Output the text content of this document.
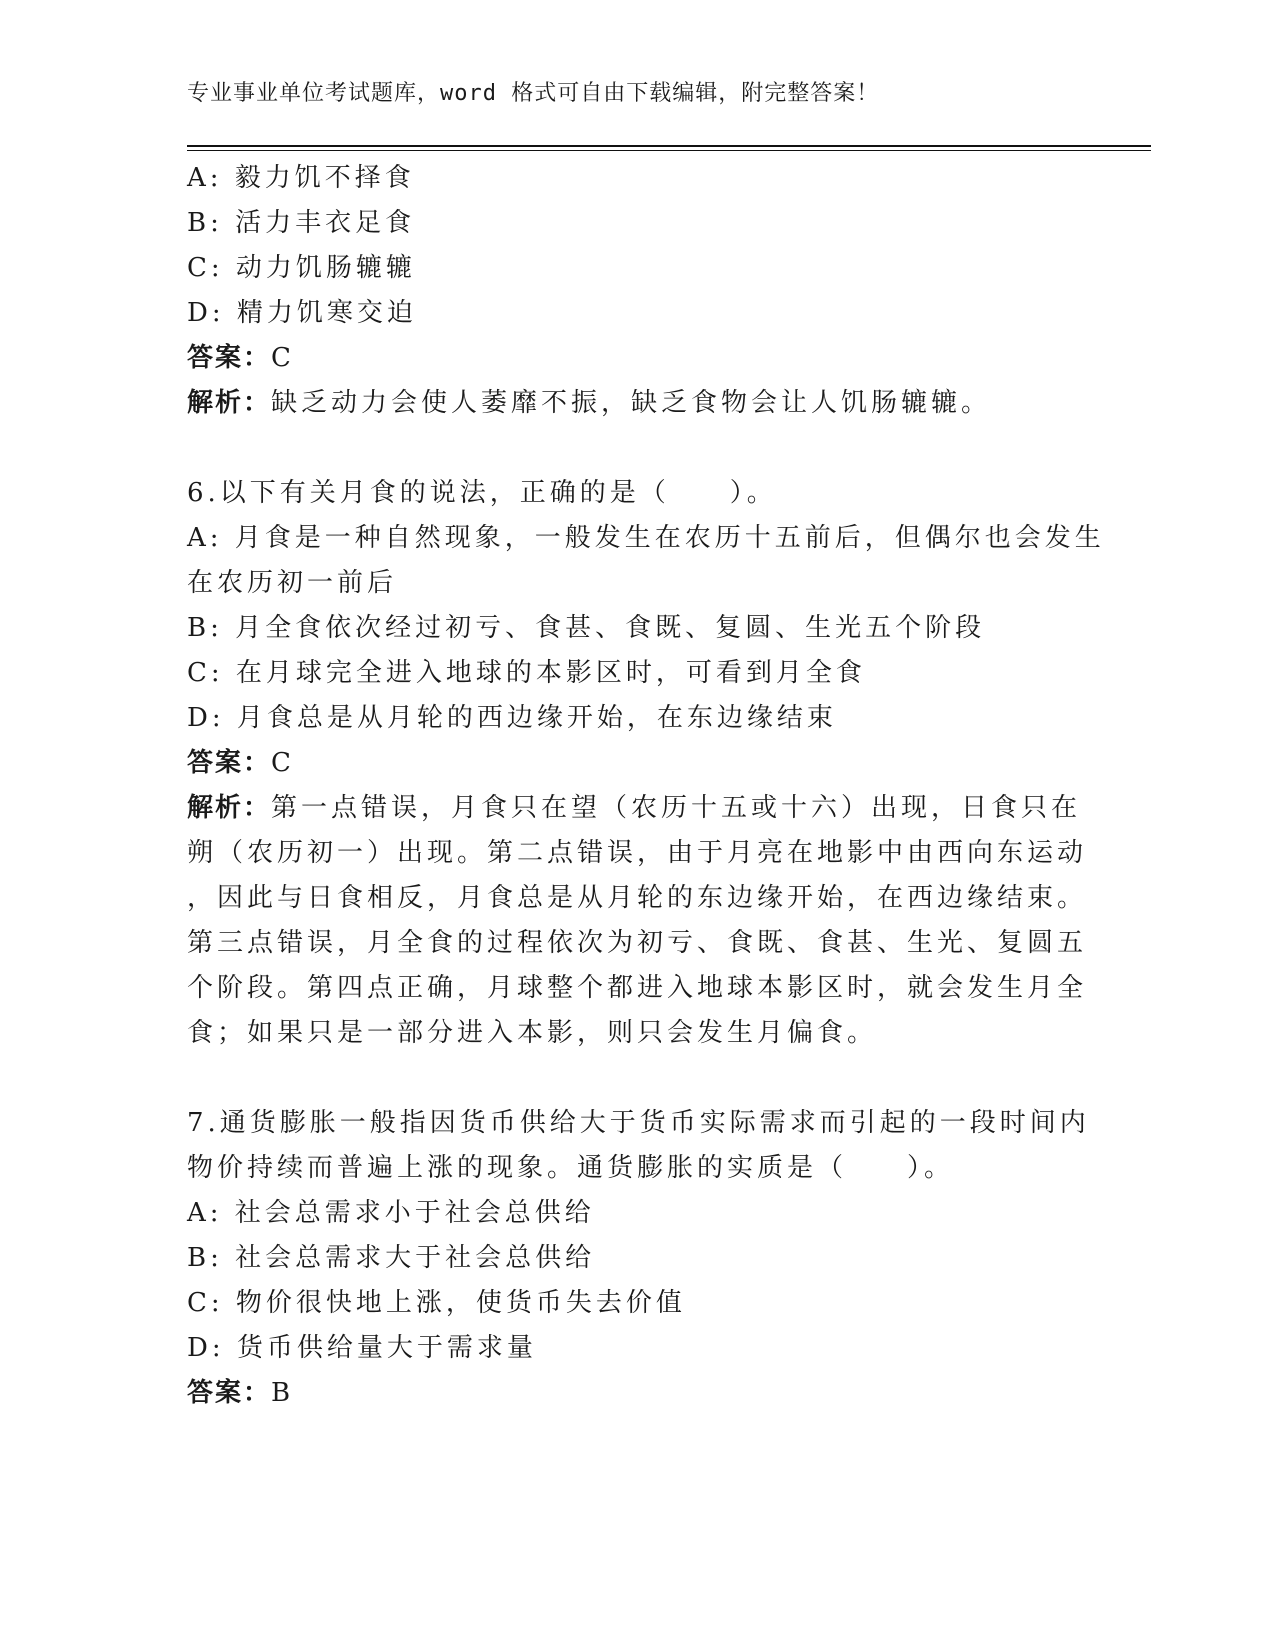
专业事业单位考试题库，word 格式可自由下载编辑，附完整答案！
A: 毅力饥不择食
B: 活力丰衣足食
C: 动力饥肠辘辘
D: 精力饥寒交迫
答案：C
解析：缺乏动力会使人萎靡不振，缺乏食物会让人饥肠辘辘。
6.以下有关月食的说法，正确的是（　　）。
A: 月食是一种自然现象，一般发生在农历十五前后，但偶尔也会发生
在农历初一前后
B: 月全食依次经过初亏、食甚、食既、复圆、生光五个阶段
C: 在月球完全进入地球的本影区时，可看到月全食
D: 月食总是从月轮的西边缘开始，在东边缘结束
答案：C
解析：第一点错误，月食只在望（农历十五或十六）出现，日食只在
朔（农历初一）出现。第二点错误，由于月亮在地影中由西向东运动
，因此与日食相反，月食总是从月轮的东边缘开始，在西边缘结束。
第三点错误，月全食的过程依次为初亏、食既、食甚、生光、复圆五
个阶段。第四点正确，月球整个都进入地球本影区时，就会发生月全
食；如果只是一部分进入本影，则只会发生月偏食。
7.通货膨胀一般指因货币供给大于货币实际需求而引起的一段时间内
物价持续而普遍上涨的现象。通货膨胀的实质是（　　）。
A: 社会总需求小于社会总供给
B: 社会总需求大于社会总供给
C: 物价很快地上涨，使货币失去价值
D: 货币供给量大于需求量
答案：B
